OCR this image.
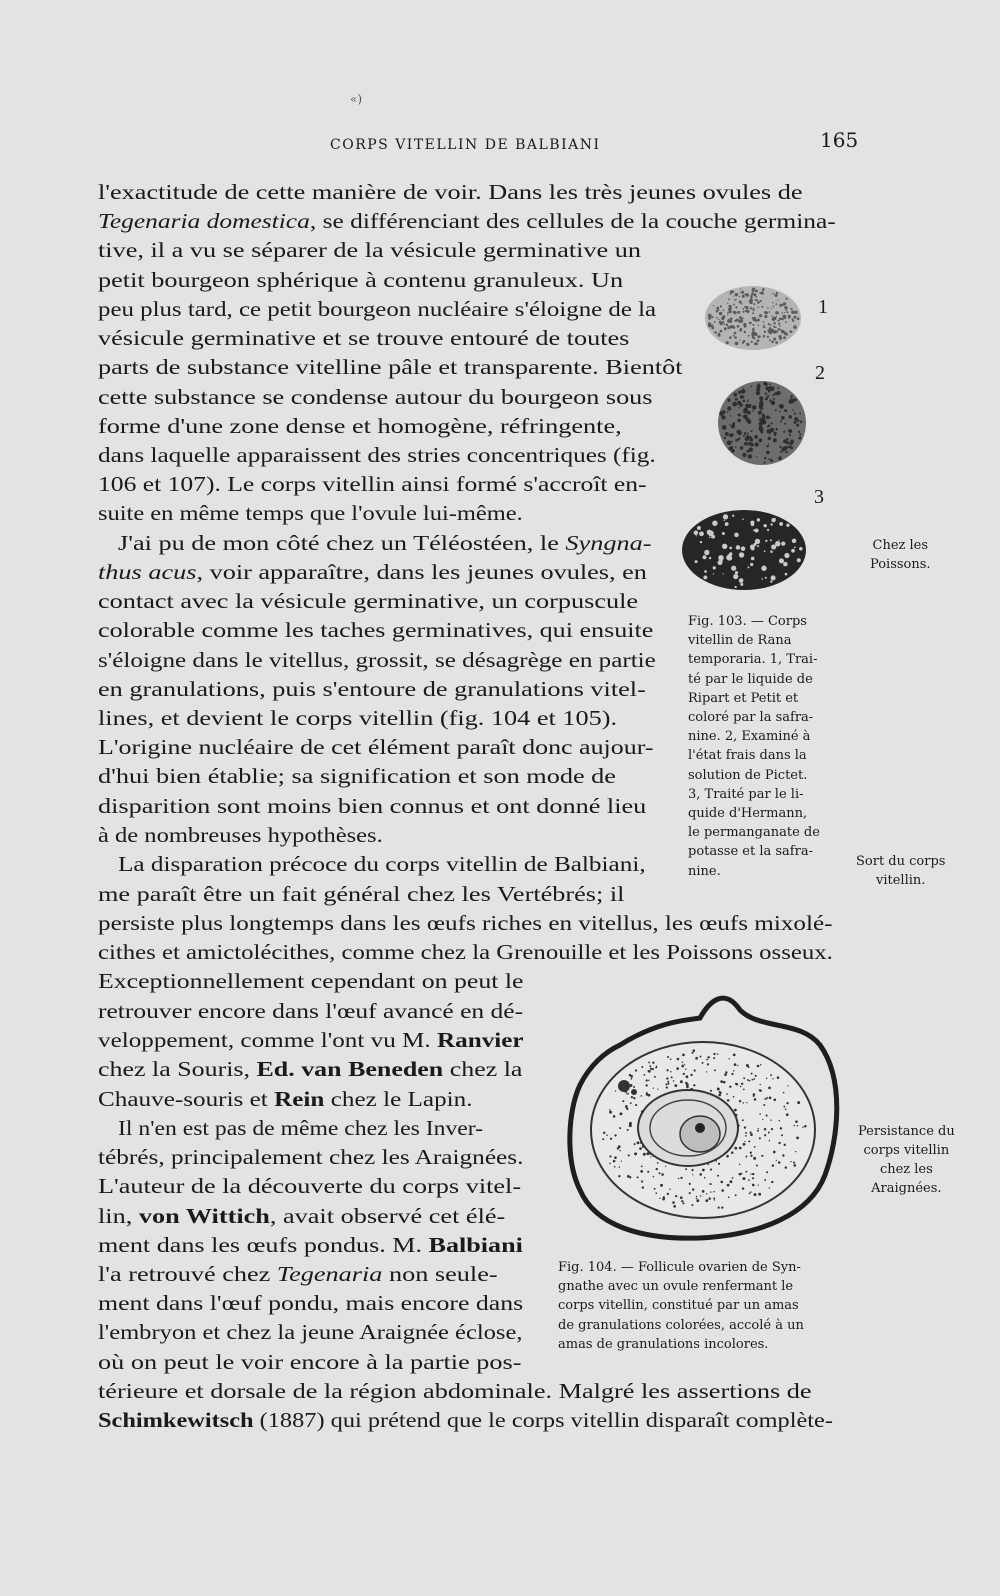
«)
CORPS VITELLIN DE BALBIANI	165
l'exactitude de cette manière de voir. Dans les très jeunes ovules de
Tegenaria domestica, se différenciant des cellules de la couche germina-
tive, il a vu se séparer de la vésicule germinative un
petit bourgeon sphérique à contenu granuleux. Un
peu plus tard, ce petit bourgeon nucléaire s'éloigne de la
vésicule germinative et se trouve entouré de toutes
parts de substance vitelline pâle et transparente. Bientôt
cette substance se condense autour du bourgeon sous
forme d'une zone dense et homogène, réfringente,
dans laquelle apparaissent des stries concentriques (fig.
106 et 107). Le corps vitellin ainsi formé s'accroît en-
suite en même temps que l'ovule lui-même.
J'ai pu de mon côté chez un Téléostéen, le Syngna-
thus acus, voir apparaître, dans les jeunes ovules, en
contact avec la vésicule germinative, un corpuscule
colorable comme les taches germinatives, qui ensuite
s'éloigne dans le vitellus, grossit, se désagrège en partie
en granulations, puis s'entoure de granulations vitel-
lines, et devient le corps vitellin (fig. 104 et 105).
L'origine nucléaire de cet élément paraît donc aujour-
d'hui bien établie; sa signification et son mode de
disparition sont moins bien connus et ont donné lieu
à de nombreuses hypothèses.
La disparation précoce du corps vitellin de Balbiani,
me paraît être un fait général chez les Vertébrés; il
persiste plus longtemps dans les œufs riches en vitellus, les œufs mixolé-
cithes et amictolécithes, comme chez la Grenouille et les Poissons osseux.
Exceptionnellement cependant on peut le
retrouver encore dans l'œuf avancé en dé-
veloppement, comme l'ont vu M. Ranvier
chez la Souris, Ed. van Beneden chez la
Chauve-souris et Rein chez le Lapin.
Il n'en est pas de même chez les Inver-
tébrés, principalement chez les Araignées.
L'auteur de la découverte du corps vitel-
lin, von Wittich, avait observé cet élé-
ment dans les œufs pondus. M. Balbiani
l'a retrouvé chez Tegenaria non seule-
ment dans l'œuf pondu, mais encore dans
l'embryon et chez la jeune Araignée éclose,
où on peut le voir encore à la partie pos-
térieure et dorsale de la région abdominale. Malgré les assertions de
Schimkewitsch (1887) qui prétend que le corps vitellin disparaît complète-
1
2
3
Fig. 103. — Corps
vitellin de Rana
temporaria. 1, Trai-
té par le liquide de
Ripart et Petit et
coloré par la safra-
nine. 2, Examiné à
l'état frais dans la
solution de Pictet.
3, Traité par le li-
quide d'Hermann,
le permanganate de
potasse et la safra-
nine.
Fig. 104. — Follicule ovarien de Syn-
gnathe avec un ovule renfermant le
corps vitellin, constitué par un amas
de granulations colorées, accolé à un
amas de granulations incolores.
Chez les
Poissons.
Sort du corps
vitellin.
Persistance du
corps vitellin
chez les
Araignées.
